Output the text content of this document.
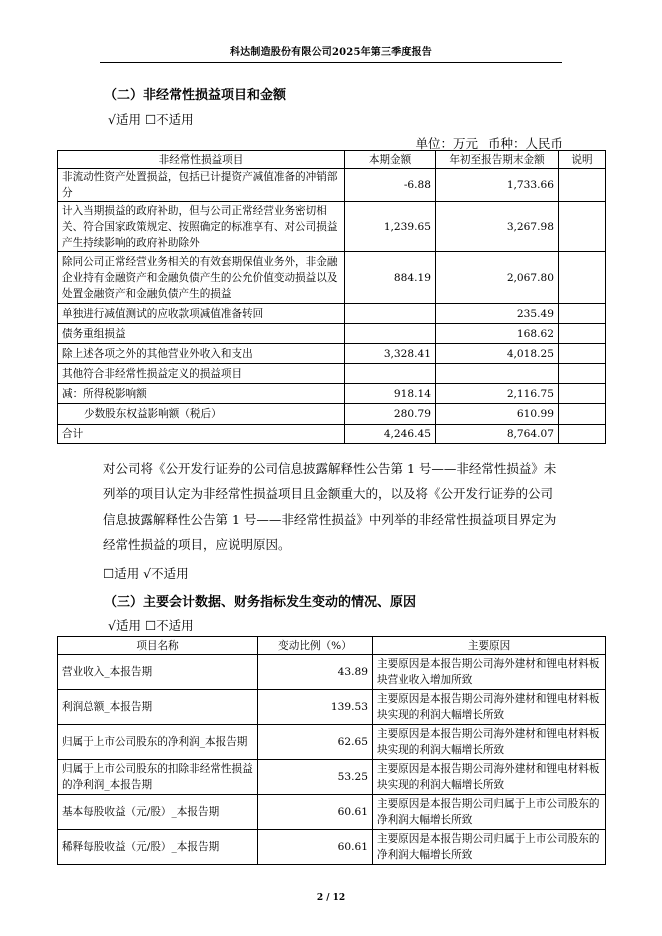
科达制造股份有限公司2025年第三季度报告
（二）非经常性损益项目和金额
√适用 ☐不适用
单位：万元 币种：人民币
非经常性损益项目	本期金额	年初至报告期末金额	说明
非流动性资产处置损益，包括已计提资产减值准备的冲销部分	-6.88	1,733.66	
计入当期损益的政府补助，但与公司正常经营业务密切相关、符合国家政策规定、按照确定的标准享有、对公司损益产生持续影响的政府补助除外	1,239.65	3,267.98	
除同公司正常经营业务相关的有效套期保值业务外，非金融企业持有金融资产和金融负债产生的公允价值变动损益以及处置金融资产和金融负债产生的损益	884.19	2,067.80	
单独进行减值测试的应收款项减值准备转回		235.49	
债务重组损益		168.62	
除上述各项之外的其他营业外收入和支出	3,328.41	4,018.25	
其他符合非经常性损益定义的损益项目			
减：所得税影响额	918.14	2,116.75	
少数股东权益影响额（税后）	280.79	610.99	
合计	4,246.45	8,764.07	
对公司将《公开发行证券的公司信息披露解释性公告第 1 号——非经常性损益》未列举的项目认定为非经常性损益项目且金额重大的，以及将《公开发行证券的公司信息披露解释性公告第 1 号——非经常性损益》中列举的非经常性损益项目界定为经常性损益的项目，应说明原因。
☐适用 √不适用
（三）主要会计数据、财务指标发生变动的情况、原因
√适用 ☐不适用
项目名称	变动比例（%）	主要原因
营业收入_本报告期	43.89	主要原因是本报告期公司海外建材和锂电材料板块营业收入增加所致
利润总额_本报告期	139.53	主要原因是本报告期公司海外建材和锂电材料板块实现的利润大幅增长所致
归属于上市公司股东的净利润_本报告期	62.65	主要原因是本报告期公司海外建材和锂电材料板块实现的利润大幅增长所致
归属于上市公司股东的扣除非经常性损益的净利润_本报告期	53.25	主要原因是本报告期公司海外建材和锂电材料板块实现的利润大幅增长所致
基本每股收益（元/股）_本报告期	60.61	主要原因是本报告期公司归属于上市公司股东的净利润大幅增长所致
稀释每股收益（元/股）_本报告期	60.61	主要原因是本报告期公司归属于上市公司股东的净利润大幅增长所致
2 / 12
